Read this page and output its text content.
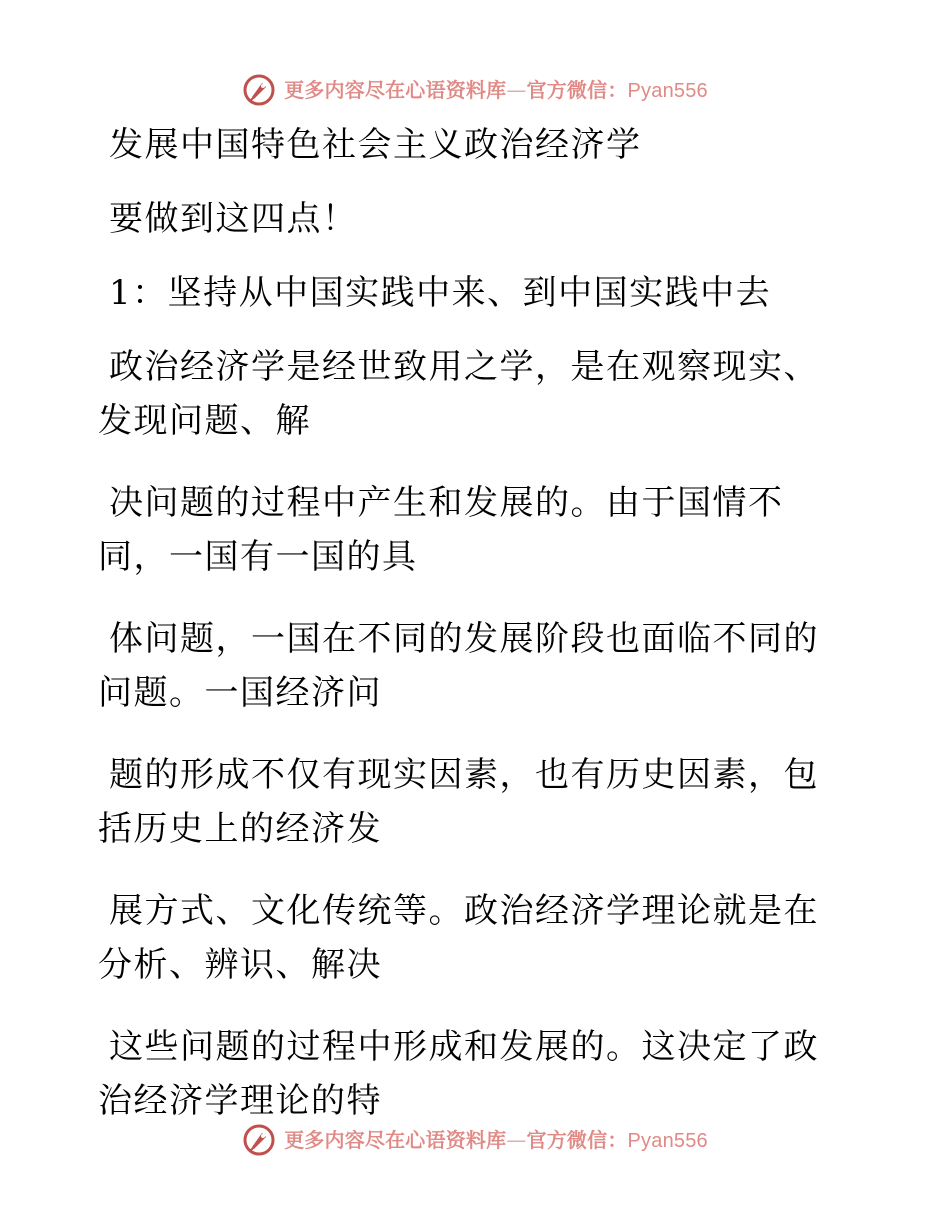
更多内容尽在心语资料库—官方微信：Pyan556

发展中国特色社会主义政治经济学

要做到这四点！

1：坚持从中国实践中来、到中国实践中去

政治经济学是经世致用之学，是在观察现实、发现问题、解

决问题的过程中产生和发展的。由于国情不同，一国有一国的具

体问题，一国在不同的发展阶段也面临不同的问题。一国经济问

题的形成不仅有现实因素，也有历史因素，包括历史上的经济发

展方式、文化传统等。政治经济学理论就是在分析、辨识、解决

这些问题的过程中形成和发展的。这决定了政治经济学理论的特

更多内容尽在心语资料库—官方微信：Pyan556
